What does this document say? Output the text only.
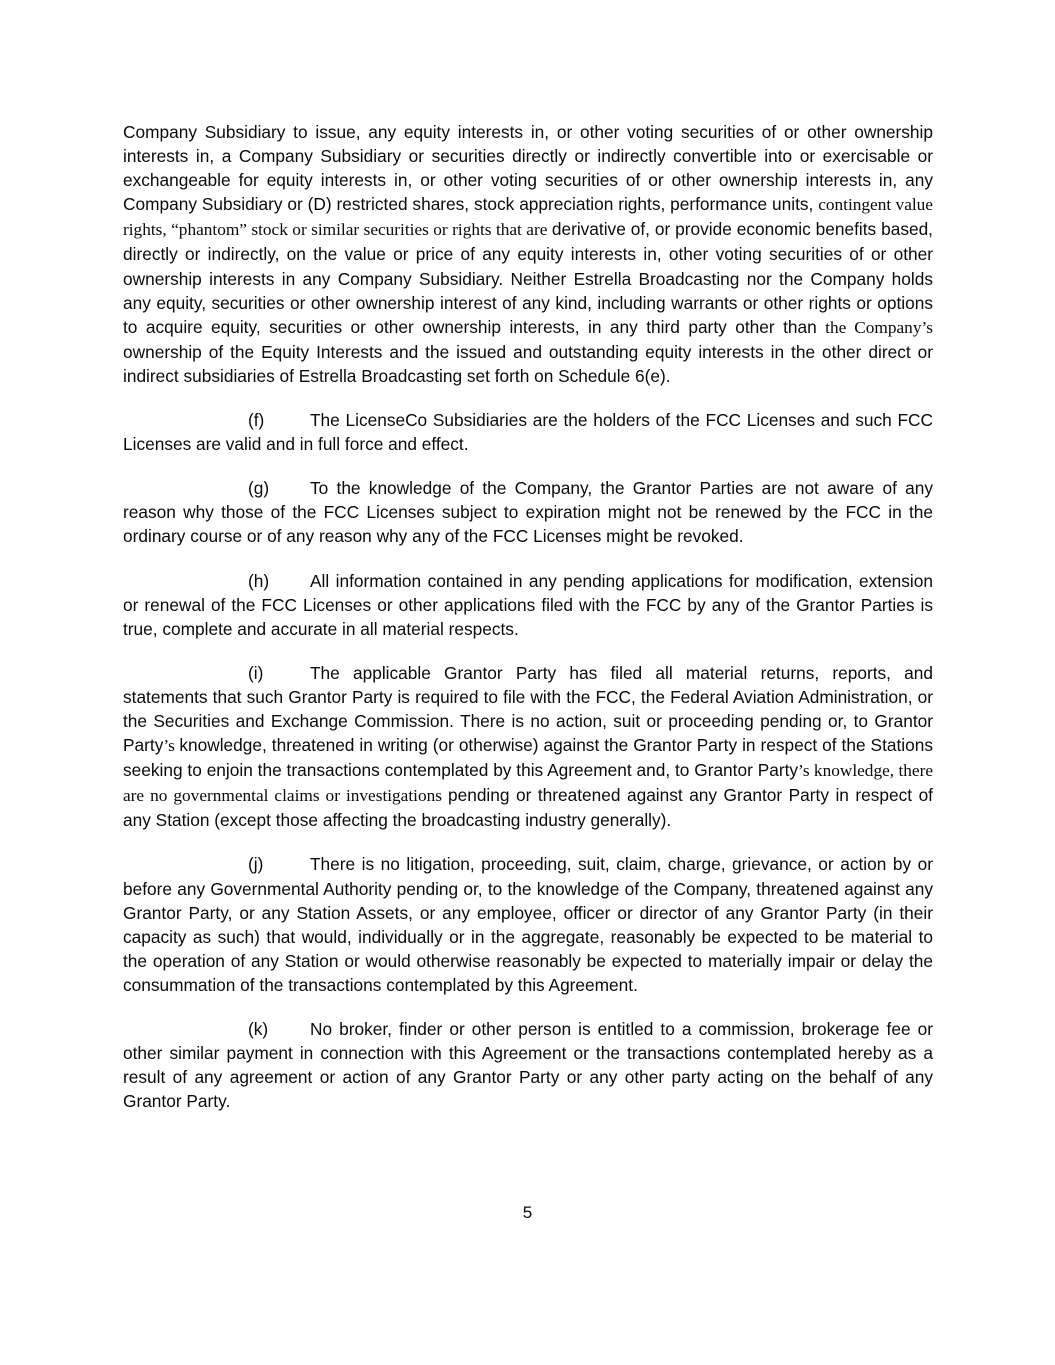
Company Subsidiary to issue, any equity interests in, or other voting securities of or other ownership interests in, a Company Subsidiary or securities directly or indirectly convertible into or exercisable or exchangeable for equity interests in, or other voting securities of or other ownership interests in, any Company Subsidiary or (D) restricted shares, stock appreciation rights, performance units, contingent value rights, “phantom” stock or similar securities or rights that are derivative of, or provide economic benefits based, directly or indirectly, on the value or price of any equity interests in, other voting securities of or other ownership interests in any Company Subsidiary. Neither Estrella Broadcasting nor the Company holds any equity, securities or other ownership interest of any kind, including warrants or other rights or options to acquire equity, securities or other ownership interests, in any third party other than the Company’s ownership of the Equity Interests and the issued and outstanding equity interests in the other direct or indirect subsidiaries of Estrella Broadcasting set forth on Schedule 6(e).

(f)	The LicenseCo Subsidiaries are the holders of the FCC Licenses and such FCC Licenses are valid and in full force and effect.

(g) To the knowledge of the Company, the Grantor Parties are not aware of any reason why those of the FCC Licenses subject to expiration might not be renewed by the FCC in the ordinary course or of any reason why any of the FCC Licenses might be revoked.

(h) All information contained in any pending applications for modification, extension or renewal of the FCC Licenses or other applications filed with the FCC by any of the Grantor Parties is true, complete and accurate in all material respects.

(i)	The applicable Grantor Party has filed all material returns, reports, and statements that such Grantor Party is required to file with the FCC, the Federal Aviation Administration, or the Securities and Exchange Commission. There is no action, suit or proceeding pending or, to Grantor Party’s knowledge, threatened in writing (or otherwise) against the Grantor Party in respect of the Stations seeking to enjoin the transactions contemplated by this Agreement and, to Grantor Party’s knowledge, there are no governmental claims or investigations pending or threatened against any Grantor Party in respect of any Station (except those affecting the broadcasting industry generally).

(j)	There is no litigation, proceeding, suit, claim, charge, grievance, or action by or before any Governmental Authority pending or, to the knowledge of the Company, threatened against any Grantor Party, or any Station Assets, or any employee, officer or director of any Grantor Party (in their capacity as such) that would, individually or in the aggregate, reasonably be expected to be material to the operation of any Station or would otherwise reasonably be expected to materially impair or delay the consummation of the transactions contemplated by this Agreement.

(k) No broker, finder or other person is entitled to a commission, brokerage fee or other similar payment in connection with this Agreement or the transactions contemplated hereby as a result of any agreement or action of any Grantor Party or any other party acting on the behalf of any Grantor Party.

5
